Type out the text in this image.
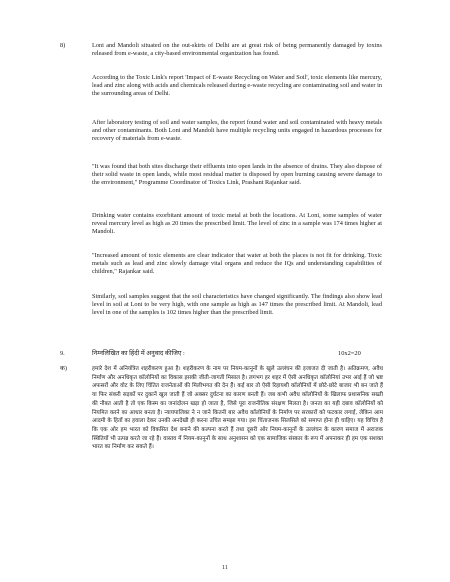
8)	Loni and Mandoli situated on the out-skirts of Delhi are at great risk of being permanently damaged by toxins released from e-waste, a city-based environmental organization has found.

According to the Toxic Link's report 'Impact of E-waste Recycling on Water and Soil', toxic elements like mercury, lead and zinc along with acids and chemicals released during e-waste recycling are contaminating soil and water in the surrounding areas of Delhi.

After laboratory testing of soil and water samples, the report found water and soil contaminated with heavy metals and other contaminants. Both Loni and Mandoli have multiple recycling units engaged in hazardous processes for recovery of materials from e-waste.

"It was found that both sites discharge their effluents into open lands in the absence of drains. They also dispose of their solid waste in open lands, while most residual matter is disposed by open burning causing severe damage to the environment," Programme Coordinator of Toxics Link, Prashant Rajankar said.

Drinking water contains exorbitant amount of toxic metal at both the locations. At Loni, some samples of water reveal mercury level as high as 20 times the prescribed limit. The level of zinc in a sample was 174 times higher at Mandoli.

"Increased amount of toxic elements are clear indicator that water at both the places is not fit for drinking. Toxic metals such as lead and zinc slowly damage vital organs and reduce the IQs and understanding capabilities of children," Rajankar said.

Similarly, soil samples suggest that the soil characteristics have changed significantly. The findings also show lead level in soil at Loni to be very high, with one sample as high as 147 times the prescribed limit. At Mandoli, lead level in one of the samples is 102 times higher than the prescribed limit.

9.	निम्नलिखित का हिंदी में अनुवाद कीजिए :	10x2=20
क)	हमारे देश में अनियंत्रित शहरीकरण हुआ है। शहरीकरण के नाम पर नियम-कानूनों के खुले उल्लंघन की इजाजत दी जाती है। अतिक्रमण, अवैध निर्माण और अनधिकृत कॉलोनियों का विकास इसकी जीती-जागती मिसाल है। लगभग हर शहर में ऐसी अनधिकृत कॉलोनियां उभर आई हैं जो भ्रष्ट अफसरों और वोट के लिए चिंतित राजनेताओं की मिलीभगत की देन हैं। कई बार तो ऐसी रिहायशी कॉलोनियों में छोटे-छोटे बाजार भी बन जाते हैं या फिर संकरी सड़कों पर दुकानें खुल जाती हैं जो अक्सर दुर्घटना का कारण बनती हैं। जब कभी अवैध कॉलोनियों के खिलाफ प्रशासनिक सख्ती की नौबत आती है तो एक किस्म का जनांदोलन खड़ा हो जाता है, जिसे पूरा राजनीतिक संरक्षण मिलता है। जनता का यही दबाव कॉलोनियों को नियमित करने का आधार बनता है। न्यायपालिका ने न जाने कितनी बार अवैध कॉलोनियों के निर्माण पर सरकारों को फटकार लगाई, लेकिन आम आदमी के हितों का हवाला देकर उनकी अनदेखी ही करना उचित समझा गया। इस चिंताजनक सिलसिले को समाप्त होना ही चाहिए। यह विचित्र है कि एक ओर हम भारत को विकसित देश बनाने की कल्पना करते हैं तथा दूसरी ओर नियम-कानूनों के उल्लंघन के कारण समाज में अराजक स्थितियों भी उत्पन्न करते जा रहे हैं। वास्तव में नियम-कानूनों के साथ अनुशासन को एक सामाजिक संस्कार के रूप में अपनाकर ही हम एक सशक्त भारत का निर्माण कर सकते हैं।

11
